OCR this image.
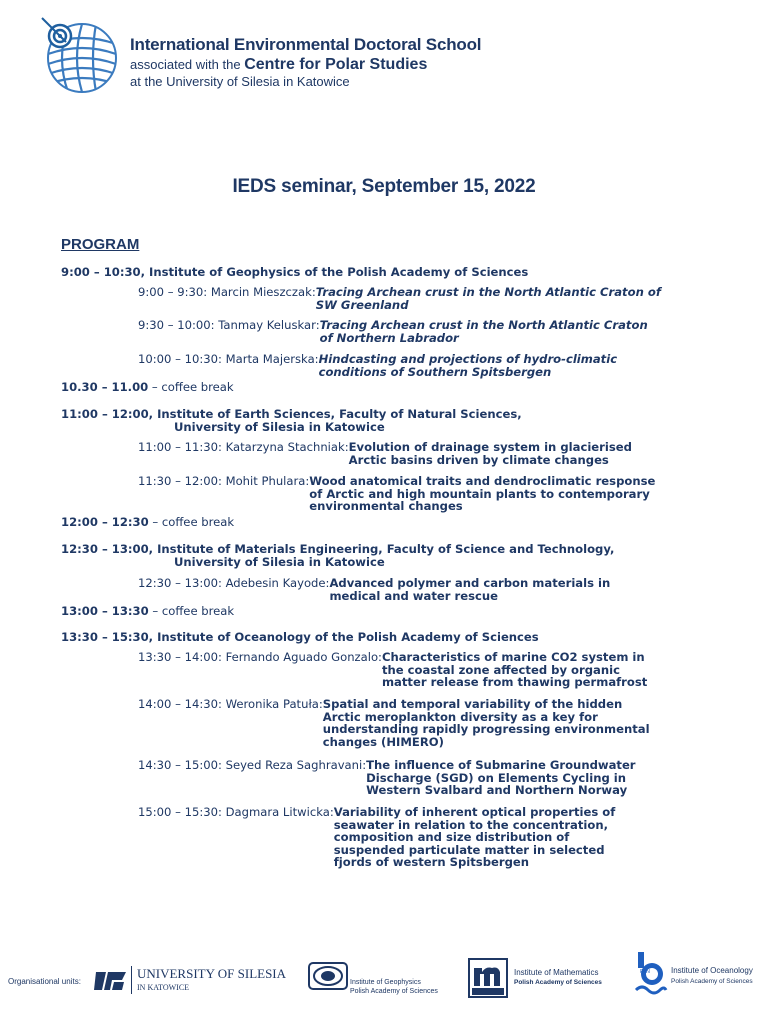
International Environmental Doctoral School
associated with the Centre for Polar Studies
at the University of Silesia in Katowice
IEDS seminar, September 15, 2022
PROGRAM
9:00 – 10:30, Institute of Geophysics of the Polish Academy of Sciences
9:00 – 9:30: Marcin Mieszczak: Tracing Archean crust in the North Atlantic Craton of SW Greenland
9:30 – 10:00: Tanmay Keluskar: Tracing Archean crust in the North Atlantic Craton of Northern Labrador
10:00 – 10:30: Marta Majerska: Hindcasting and projections of hydro-climatic conditions of Southern Spitsbergen
10.30 – 11.00 – coffee break
11:00 – 12:00, Institute of Earth Sciences, Faculty of Natural Sciences,
University of Silesia in Katowice
11:00 – 11:30: Katarzyna Stachniak: Evolution of drainage system in glacierised Arctic basins driven by climate changes
11:30 – 12:00: Mohit Phulara: Wood anatomical traits and dendroclimatic response of Arctic and high mountain plants to contemporary environmental changes
12:00 – 12:30 – coffee break
12:30 – 13:00, Institute of Materials Engineering, Faculty of Science and Technology,
University of Silesia in Katowice
12:30 – 13:00: Adebesin Kayode: Advanced polymer and carbon materials in medical and water rescue
13:00 – 13:30 – coffee break
13:30 – 15:30, Institute of Oceanology of the Polish Academy of Sciences
13:30 – 14:00: Fernando Aguado Gonzalo: Characteristics of marine CO2 system in the coastal zone affected by organic matter release from thawing permafrost
14:00 – 14:30: Weronika Patuła: Spatial and temporal variability of the hidden Arctic meroplankton diversity as a key for understanding rapidly progressing environmental changes (HIMERO)
14:30 – 15:00: Seyed Reza Saghravani: The influence of Submarine Groundwater Discharge (SGD) on Elements Cycling in Western Svalbard and Northern Norway
15:00 – 15:30: Dagmara Litwicka: Variability of inherent optical properties of seawater in relation to the concentration, composition and size distribution of suspended particulate matter in selected fjords of western Spitsbergen
Organisational units:
UNIVERSITY OF SILESIA
IN KATOWICE
Institute of Geophysics
Polish Academy of Sciences
Institute of Mathematics
Polish Academy of Sciences
PAN	Institute of Oceanology
Polish Academy of Sciences
